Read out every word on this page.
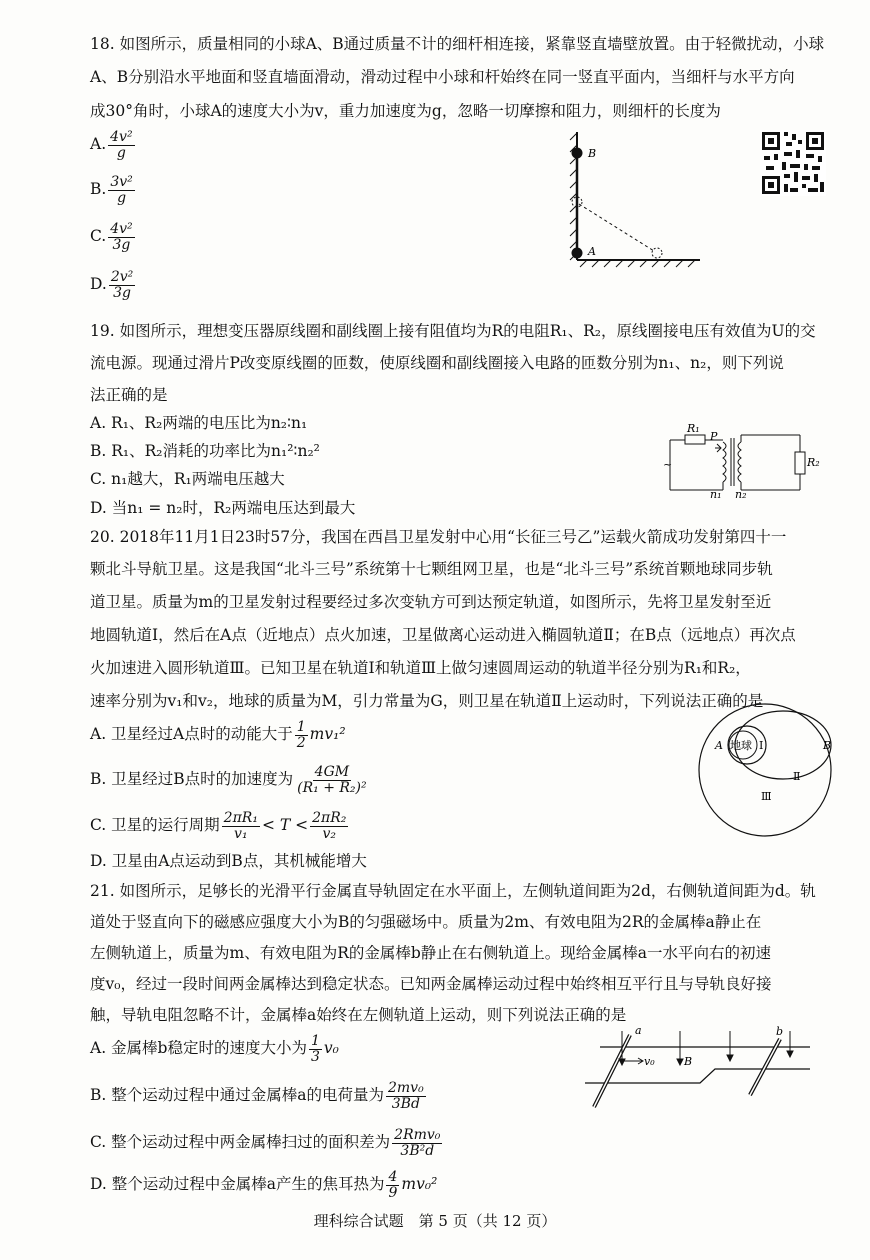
18. 如图所示，质量相同的小球A、B通过质量不计的细杆相连接，紧靠竖直墙壁放置。由于轻微扰动，小球
A、B分别沿水平地面和竖直墙面滑动，滑动过程中小球和杆始终在同一竖直平面内，当细杆与水平方向
成30°角时，小球A的速度大小为v，重力加速度为g，忽略一切摩擦和阻力，则细杆的长度为
A. $\frac{\text{4v²}}{g}$
B. $\frac{\text{3v²}}{g}$
C. $\frac{\text{4v²}}{3g}$
D. $\frac{\text{2v²}}{3g}$
B
A
19. 如图所示，理想变压器原线圈和副线圈上接有阻值均为R的电阻R₁、R₂，原线圈接电压有效值为U的交
流电源。现通过滑片P改变原线圈的匝数，使原线圈和副线圈接入电路的匝数分别为n₁、n₂，则下列说
法正确的是
A. R₁、R₂两端的电压比为n₂∶n₁
B. R₁、R₂消耗的功率比为n₁²∶n₂²
C. n₁越大，R₁两端电压越大
D. 当n₁ = n₂时，R₂两端电压达到最大
~
R₁
R₂
P
n₁ n₂
20. 2018年11月1日23时57分，我国在西昌卫星发射中心用“长征三号乙”运载火箭成功发射第四十一
颗北斗导航卫星。这是我国“北斗三号”系统第十七颗组网卫星，也是“北斗三号”系统首颗地球同步轨
道卫星。质量为m的卫星发射过程要经过多次变轨方可到达预定轨道，如图所示，先将卫星发射至近
地圆轨道Ⅰ，然后在A点（近地点）点火加速，卫星做离心运动进入椭圆轨道Ⅱ；在B点（远地点）再次点
火加速进入圆形轨道Ⅲ。已知卫星在轨道Ⅰ和轨道Ⅲ上做匀速圆周运动的轨道半径分别为R₁和R₂，
速率分别为v₁和v₂，地球的质量为M，引力常量为G，则卫星在轨道Ⅱ上运动时，下列说法正确的是
A. 卫星经过A点时的动能大于 $\frac{1}{2} mv_1^2$
B. 卫星经过B点时的加速度为 $\frac{4GM}{\text{(R₁ + R₂)²}}$
C. 卫星的运行周期 $\frac{\text{2πR₁}}{\text{v₁}} < T < \frac{\text{2πR₂}}{\text{v₂}}$
D. 卫星由A点运动到B点，其机械能增大
地球 Ⅰ
Ⅱ
Ⅲ
A	B
21. 如图所示，足够长的光滑平行金属直导轨固定在水平面上，左侧轨道间距为2d，右侧轨道间距为d。轨
道处于竖直向下的磁感应强度大小为B的匀强磁场中。质量为2m、有效电阻为2R的金属棒a静止在
左侧轨道上，质量为m、有效电阻为R的金属棒b静止在右侧轨道上。现给金属棒a一水平向右的初速
度v₀，经过一段时间两金属棒达到稳定状态。已知两金属棒运动过程中始终相互平行且与导轨良好接
触，导轨电阻忽略不计，金属棒a始终在左侧轨道上运动，则下列说法正确的是
A. 金属棒b稳定时的速度大小为 $\frac{1}{3} v_0$
B. 整个运动过程中通过金属棒a的电荷量为 $\frac{\text{2mv₀}}{3Bd}$
C. 整个运动过程中两金属棒扫过的面积差为 $\frac{\text{2Rmv₀}}{\text{3B²d}}$
D. 整个运动过程中金属棒a产生的焦耳热为 $\frac{4}{9} mv_0^2$
a	b
v₀	B
理科综合试题　第 5 页（共 12 页）
